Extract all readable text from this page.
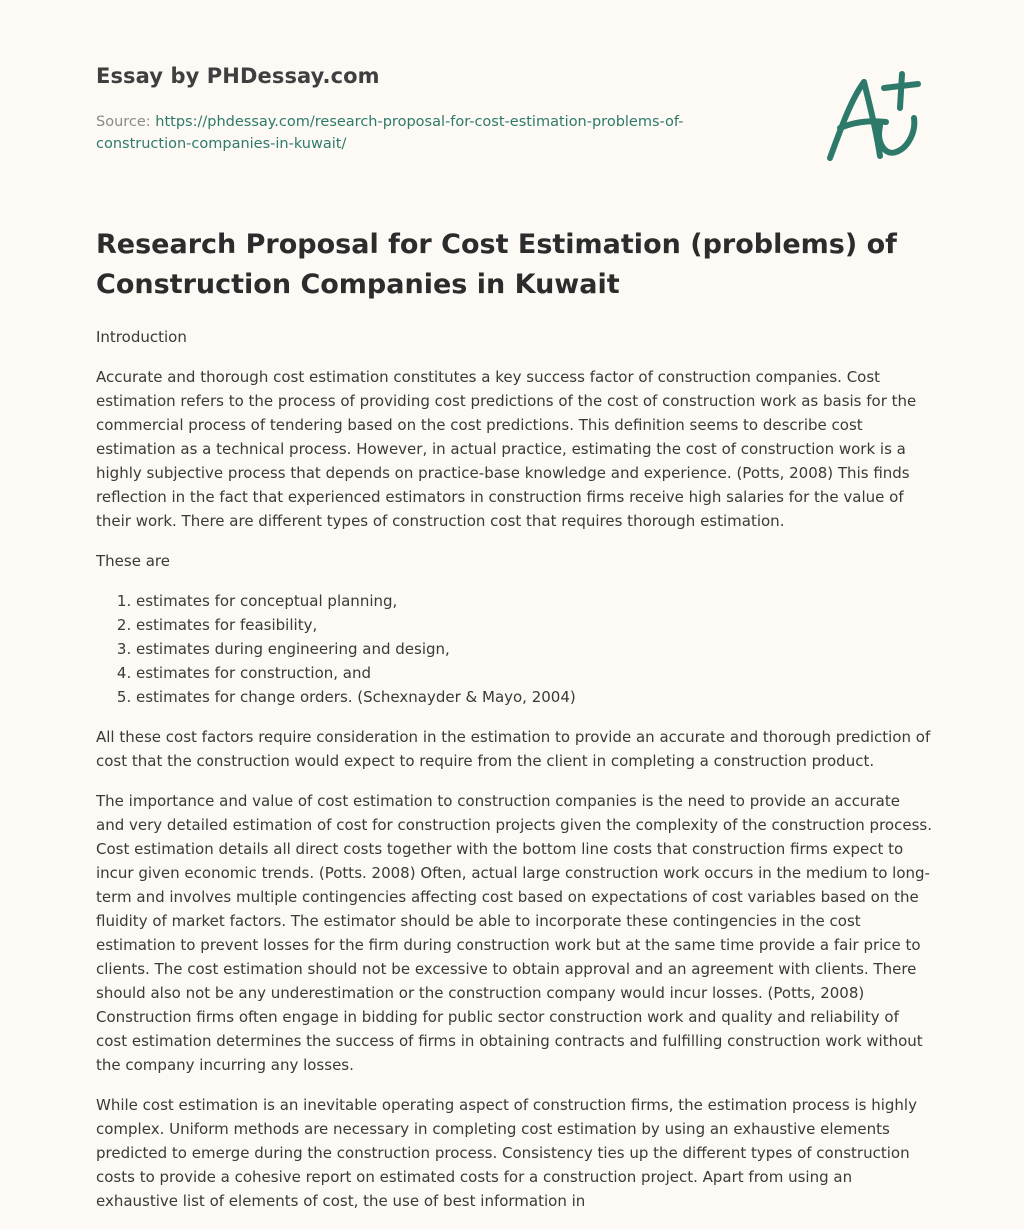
Essay by PHDessay.com
Source: https://phdessay.com/research-proposal-for-cost-estimation-problems-of-construction-companies-in-kuwait/
Research Proposal for Cost Estimation (problems) of Construction Companies in Kuwait

Introduction

Accurate and thorough cost estimation constitutes a key success factor of construction companies. Cost estimation refers to the process of providing cost predictions of the cost of construction work as basis for the commercial process of tendering based on the cost predictions. This definition seems to describe cost estimation as a technical process. However, in actual practice, estimating the cost of construction work is a highly subjective process that depends on practice-base knowledge and experience. (Potts, 2008) This finds reflection in the fact that experienced estimators in construction firms receive high salaries for the value of their work. There are different types of construction cost that requires thorough estimation.

These are

1. estimates for conceptual planning,
2. estimates for feasibility,
3. estimates during engineering and design,
4. estimates for construction, and
5. estimates for change orders. (Schexnayder & Mayo, 2004)

All these cost factors require consideration in the estimation to provide an accurate and thorough prediction of cost that the construction would expect to require from the client in completing a construction product.

The importance and value of cost estimation to construction companies is the need to provide an accurate and very detailed estimation of cost for construction projects given the complexity of the construction process. Cost estimation details all direct costs together with the bottom line costs that construction firms expect to incur given economic trends. (Potts. 2008) Often, actual large construction work occurs in the medium to long-term and involves multiple contingencies affecting cost based on expectations of cost variables based on the fluidity of market factors. The estimator should be able to incorporate these contingencies in the cost estimation to prevent losses for the firm during construction work but at the same time provide a fair price to clients. The cost estimation should not be excessive to obtain approval and an agreement with clients. There should also not be any underestimation or the construction company would incur losses. (Potts, 2008) Construction firms often engage in bidding for public sector construction work and quality and reliability of cost estimation determines the success of firms in obtaining contracts and fulfilling construction work without the company incurring any losses.

While cost estimation is an inevitable operating aspect of construction firms, the estimation process is highly complex. Uniform methods are necessary in completing cost estimation by using an exhaustive elements predicted to emerge during the construction process. Consistency ties up the different types of construction costs to provide a cohesive report on estimated costs for a construction project. Apart from using an exhaustive list of elements of cost, the use of best information in
